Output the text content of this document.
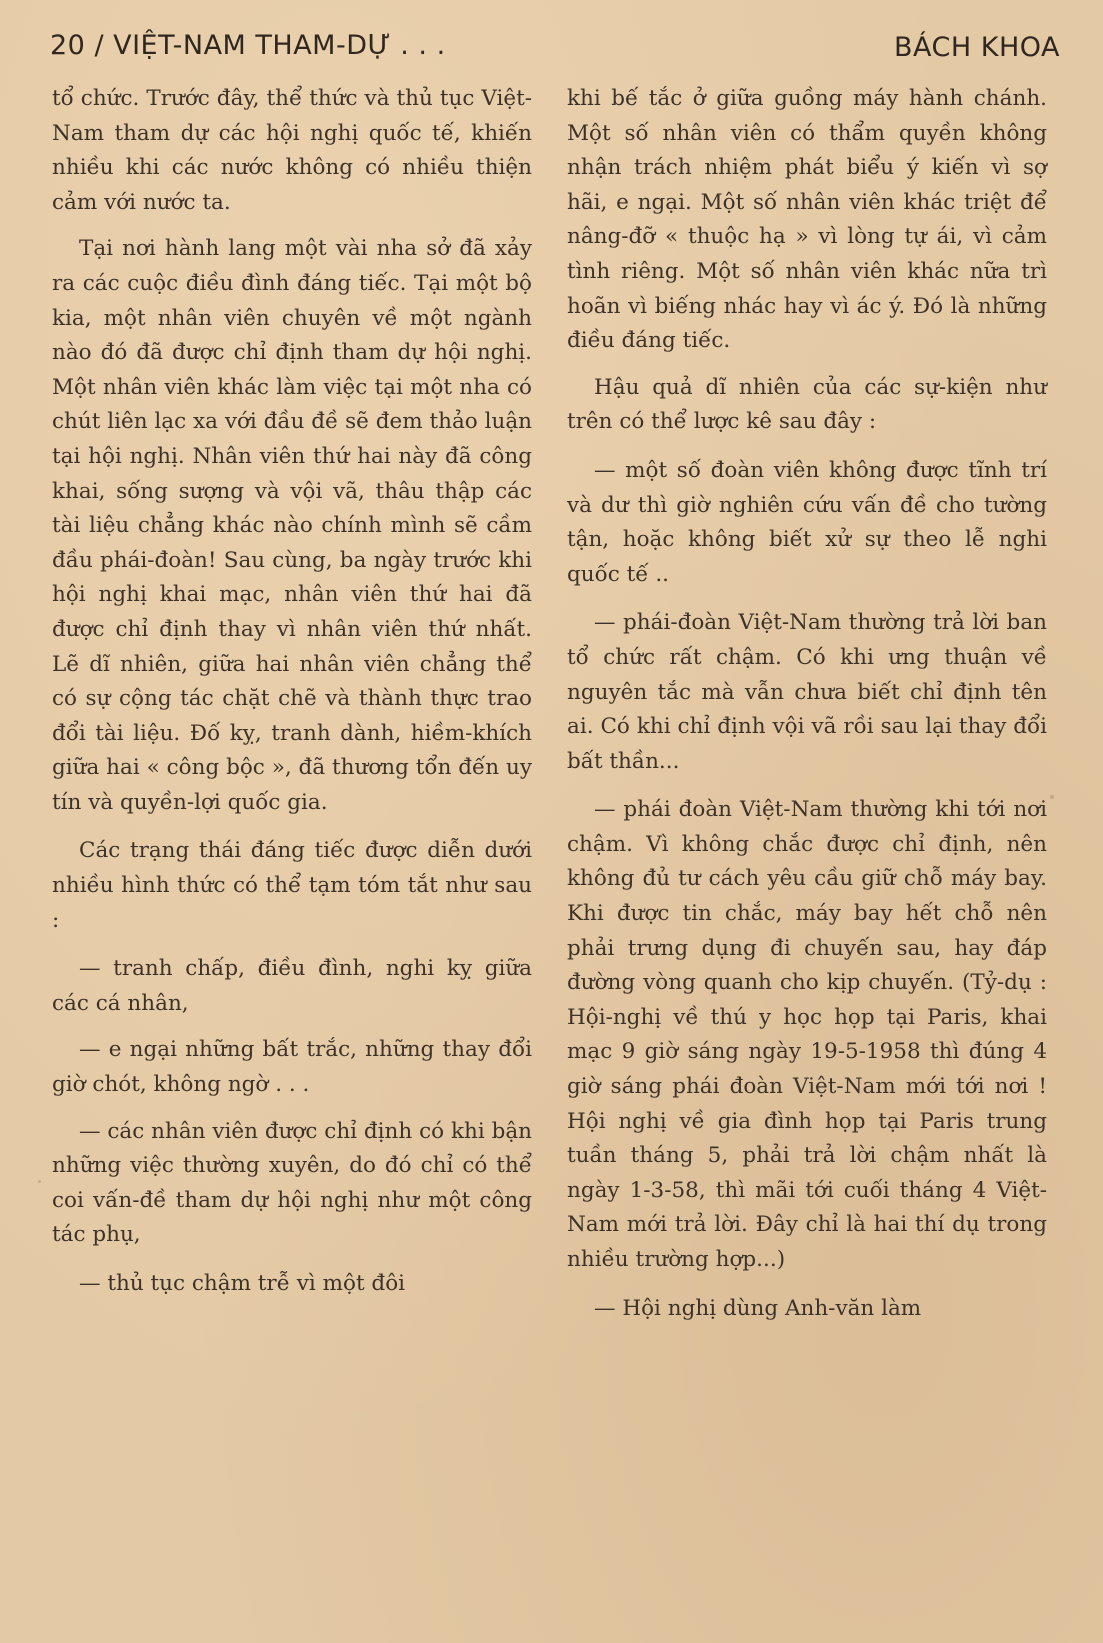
20 / VIỆT-NAM THAM-DỰ . . .	BÁCH KHOA

tổ chức. Trước đây, thể thức và thủ tục Việt-Nam tham dự các hội nghị quốc tế, khiến nhiều khi các nước không có nhiều thiện cảm với nước ta.

Tại nơi hành lang một vài nha sở đã xảy ra các cuộc điều đình đáng tiếc. Tại một bộ kia, một nhân viên chuyên về một ngành nào đó đã được chỉ định tham dự hội nghị. Một nhân viên khác làm việc tại một nha có chút liên lạc xa với đầu đề sẽ đem thảo luận tại hội nghị. Nhân viên thứ hai này đã công khai, sống sượng và vội vã, thâu thập các tài liệu chẳng khác nào chính mình sẽ cầm đầu phái-đoàn! Sau cùng, ba ngày trước khi hội nghị khai mạc, nhân viên thứ hai đã được chỉ định thay vì nhân viên thứ nhất. Lẽ dĩ nhiên, giữa hai nhân viên chẳng thể có sự cộng tác chặt chẽ và thành thực trao đổi tài liệu. Đố kỵ, tranh dành, hiềm-khích giữa hai « công bộc », đã thương tổn đến uy tín và quyền-lợi quốc gia.

Các trạng thái đáng tiếc được diễn dưới nhiều hình thức có thể tạm tóm tắt như sau :

— tranh chấp, điều đình, nghi kỵ giữa các cá nhân,

— e ngại những bất trắc, những thay đổi giờ chót, không ngờ . . .

— các nhân viên được chỉ định có khi bận những việc thường xuyên, do đó chỉ có thể coi vấn-đề tham dự hội nghị như một công tác phụ,

— thủ tục chậm trễ vì một đôi

khi bế tắc ở giữa guồng máy hành chánh. Một số nhân viên có thẩm quyền không nhận trách nhiệm phát biểu ý kiến vì sợ hãi, e ngại. Một số nhân viên khác triệt để nâng-đỡ « thuộc hạ » vì lòng tự ái, vì cảm tình riêng. Một số nhân viên khác nữa trì hoãn vì biếng nhác hay vì ác ý. Đó là những điều đáng tiếc.

Hậu quả dĩ nhiên của các sự-kiện như trên có thể lược kê sau đây :

— một số đoàn viên không được tĩnh trí và dư thì giờ nghiên cứu vấn đề cho tường tận, hoặc không biết xử sự theo lễ nghi quốc tế ..

— phái-đoàn Việt-Nam thường trả lời ban tổ chức rất chậm. Có khi ưng thuận về nguyên tắc mà vẫn chưa biết chỉ định tên ai. Có khi chỉ định vội vã rồi sau lại thay đổi bất thần...

— phái đoàn Việt-Nam thường khi tới nơi chậm. Vì không chắc được chỉ định, nên không đủ tư cách yêu cầu giữ chỗ máy bay. Khi được tin chắc, máy bay hết chỗ nên phải trưng dụng đi chuyến sau, hay đáp đường vòng quanh cho kịp chuyến. (Tỷ-dụ : Hội-nghị về thú y học họp tại Paris, khai mạc 9 giờ sáng ngày 19-5-1958 thì đúng 4 giờ sáng phái đoàn Việt-Nam mới tới nơi ! Hội nghị về gia đình họp tại Paris trung tuần tháng 5, phải trả lời chậm nhất là ngày 1-3-58, thì mãi tới cuối tháng 4 Việt-Nam mới trả lời. Đây chỉ là hai thí dụ trong nhiều trường hợp...)

— Hội nghị dùng Anh-văn làm
